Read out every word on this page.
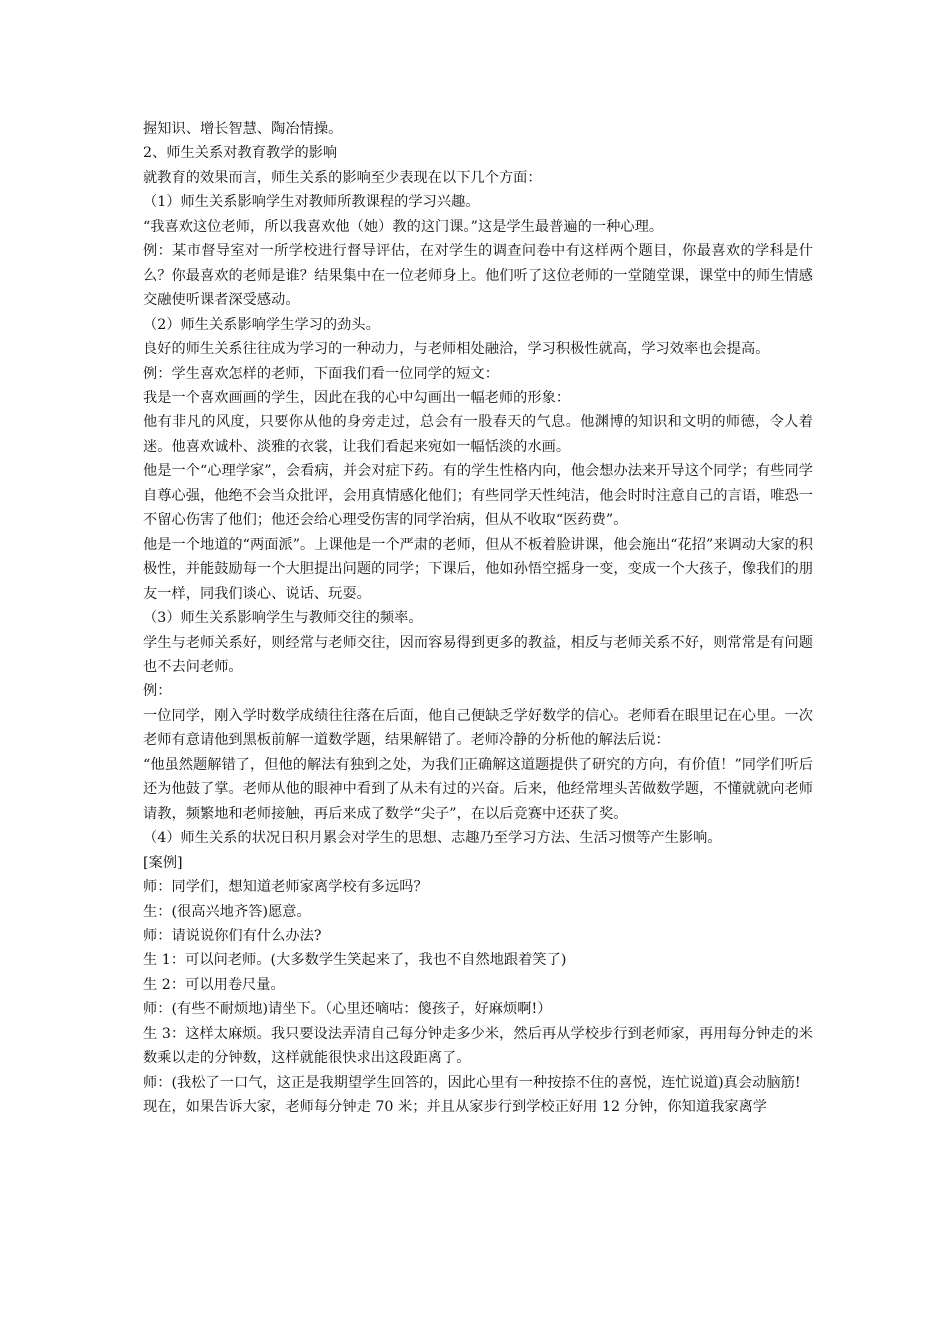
握知识、增长智慧、陶冶情操。

2、师生关系对教育教学的影响

就教育的效果而言，师生关系的影响至少表现在以下几个方面：

（1）师生关系影响学生对教师所教课程的学习兴趣。

“我喜欢这位老师，所以我喜欢他（她）教的这门课。”这是学生最普遍的一种心理。

例：某市督导室对一所学校进行督导评估，在对学生的调查问卷中有这样两个题目，你最喜欢的学科是什么？你最喜欢的老师是谁？结果集中在一位老师身上。他们听了这位老师的一堂随堂课，课堂中的师生情感交融使听课者深受感动。

（2）师生关系影响学生学习的劲头。

良好的师生关系往往成为学习的一种动力，与老师相处融洽，学习积极性就高，学习效率也会提高。

例：学生喜欢怎样的老师，下面我们看一位同学的短文：

我是一个喜欢画画的学生，因此在我的心中勾画出一幅老师的形象：

他有非凡的风度，只要你从他的身旁走过，总会有一股春天的气息。他渊博的知识和文明的师德，令人着迷。他喜欢诚朴、淡雅的衣裳，让我们看起来宛如一幅恬淡的水画。

他是一个“心理学家”，会看病，并会对症下药。有的学生性格内向，他会想办法来开导这个同学；有些同学自尊心强，他绝不会当众批评，会用真情感化他们；有些同学天性纯洁，他会时时注意自己的言语，唯恐一不留心伤害了他们；他还会给心理受伤害的同学治病，但从不收取“医药费”。

他是一个地道的“两面派”。上课他是一个严肃的老师，但从不板着脸讲课，他会施出“花招”来调动大家的积极性，并能鼓励每一个大胆提出问题的同学；下课后，他如孙悟空摇身一变，变成一个大孩子，像我们的朋友一样，同我们谈心、说话、玩耍。

（3）师生关系影响学生与教师交往的频率。

学生与老师关系好，则经常与老师交往，因而容易得到更多的教益，相反与老师关系不好，则常常是有问题也不去问老师。

例：

一位同学，刚入学时数学成绩往往落在后面，他自己便缺乏学好数学的信心。老师看在眼里记在心里。一次老师有意请他到黑板前解一道数学题，结果解错了。老师冷静的分析他的解法后说：

“他虽然题解错了，但他的解法有独到之处，为我们正确解这道题提供了研究的方向，有价值！”同学们听后还为他鼓了掌。老师从他的眼神中看到了从未有过的兴奋。后来，他经常埋头苦做数学题，不懂就就向老师请教，频繁地和老师接触，再后来成了数学“尖子”，在以后竞赛中还获了奖。

（4）师生关系的状况日积月累会对学生的思想、志趣乃至学习方法、生活习惯等产生影响。

[案例]

师：同学们，想知道老师家离学校有多远吗？

生：(很高兴地齐答)愿意。

师：请说说你们有什么办法?

生 1：可以问老师。(大多数学生笑起来了，我也不自然地跟着笑了)

生 2：可以用卷尺量。

师：(有些不耐烦地)请坐下。（心里还嘀咕：傻孩子，好麻烦啊!）

生 3：这样太麻烦。我只要设法弄清自己每分钟走多少米，然后再从学校步行到老师家，再用每分钟走的米数乘以走的分钟数，这样就能很快求出这段距离了。

师：(我松了一口气，这正是我期望学生回答的，因此心里有一种按捺不住的喜悦，连忙说道)真会动脑筋!

现在，如果告诉大家，老师每分钟走 70 米；并且从家步行到学校正好用 12 分钟，你知道我家离学
